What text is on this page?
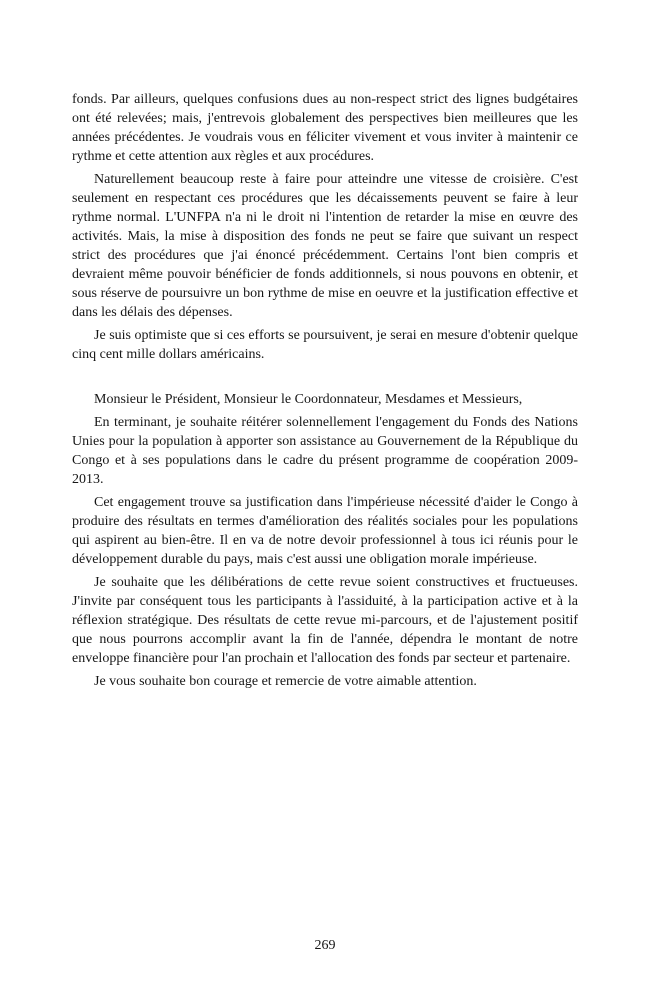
fonds. Par ailleurs, quelques confusions dues au non-respect strict des lignes budgétaires ont été relevées; mais, j'entrevois globalement des perspectives bien meilleures que les années précédentes. Je voudrais vous en féliciter vivement et vous inviter à maintenir ce rythme et cette attention aux règles et aux procédures.

Naturellement beaucoup reste à faire pour atteindre une vitesse de croisière. C'est seulement en respectant ces procédures que les décaissements peuvent se faire à leur rythme normal. L'UNFPA n'a ni le droit ni l'intention de retarder la mise en œuvre des activités. Mais, la mise à disposition des fonds ne peut se faire que suivant un respect strict des procédures que j'ai énoncé précédemment. Certains l'ont bien compris et devraient même pouvoir bénéficier de fonds additionnels, si nous pouvons en obtenir, et sous réserve de poursuivre un bon rythme de mise en oeuvre et la justification effective et dans les délais des dépenses.

Je suis optimiste que si ces efforts se poursuivent, je serai en mesure d'obtenir quelque cinq cent mille dollars américains.

Monsieur le Président, Monsieur le Coordonnateur, Mesdames et Messieurs,

En terminant, je souhaite réitérer solennellement l'engagement du Fonds des Nations Unies pour la population à apporter son assistance au Gouvernement de la République du Congo et à ses populations dans le cadre du présent programme de coopération 2009-2013.

Cet engagement trouve sa justification dans l'impérieuse nécessité d'aider le Congo à produire des résultats en termes d'amélioration des réalités sociales pour les populations qui aspirent au bien-être. Il en va de notre devoir professionnel à tous ici réunis pour le développement durable du pays, mais c'est aussi une obligation morale impérieuse.

Je souhaite que les délibérations de cette revue soient constructives et fructueuses. J'invite par conséquent tous les participants à l'assiduité, à la participation active et à la réflexion stratégique. Des résultats de cette revue mi-parcours, et de l'ajustement positif que nous pourrons accomplir avant la fin de l'année, dépendra le montant de notre enveloppe financière pour l'an prochain et l'allocation des fonds par secteur et partenaire.

Je vous souhaite bon courage et remercie de votre aimable attention.

269
